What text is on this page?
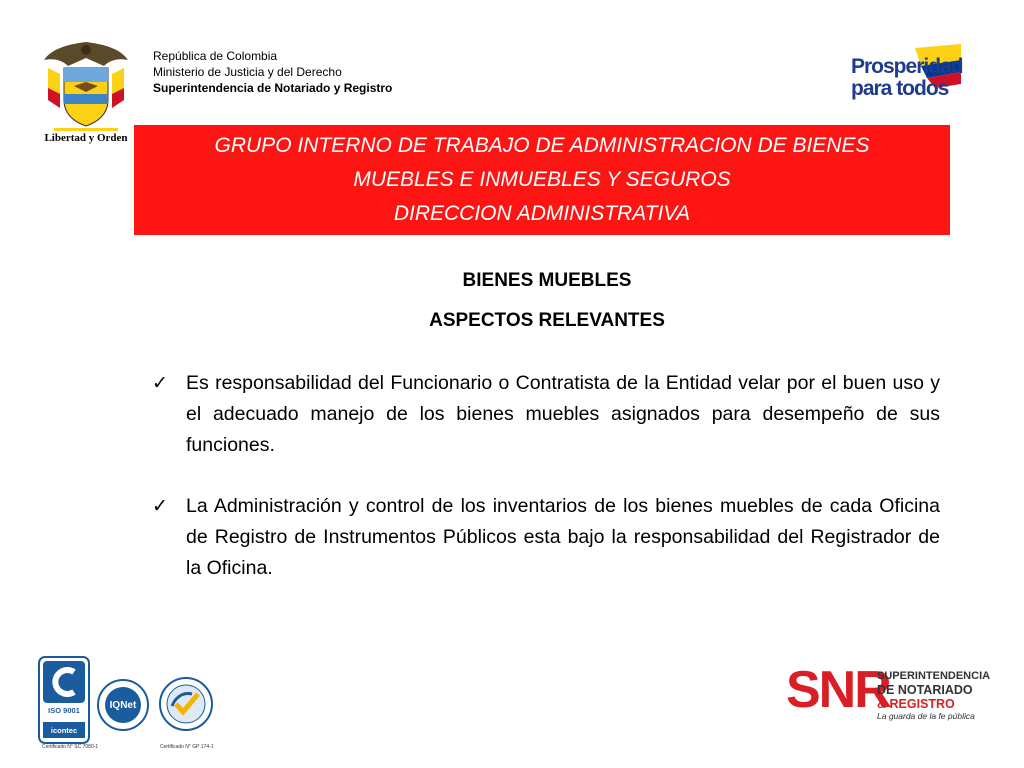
Libertad y Orden
República de Colombia
Ministerio de Justicia y del Derecho
Superintendencia de Notariado y Registro
Prosperidad
para todos
GRUPO INTERNO DE TRABAJO DE ADMINISTRACION DE BIENES
MUEBLES E INMUEBLES Y SEGUROS
DIRECCION ADMINISTRATIVA
BIENES MUEBLES
ASPECTOS RELEVANTES
✓ Es responsabilidad del Funcionario o Contratista de la Entidad velar por el buen uso y el adecuado manejo de los bienes muebles asignados para desempeño de sus funciones.
✓ La Administración y control de los inventarios de los bienes muebles de cada Oficina de Registro de Instrumentos Públicos esta bajo la responsabilidad del Registrador de la Oficina.
ISO 9001
icontec
IQNet
Certificado N° SC 7080-1	Certificado N° GP 174-1
SNR
SUPERINTENDENCIA
DE NOTARIADO
& REGISTRO
La guarda de la fe pública
